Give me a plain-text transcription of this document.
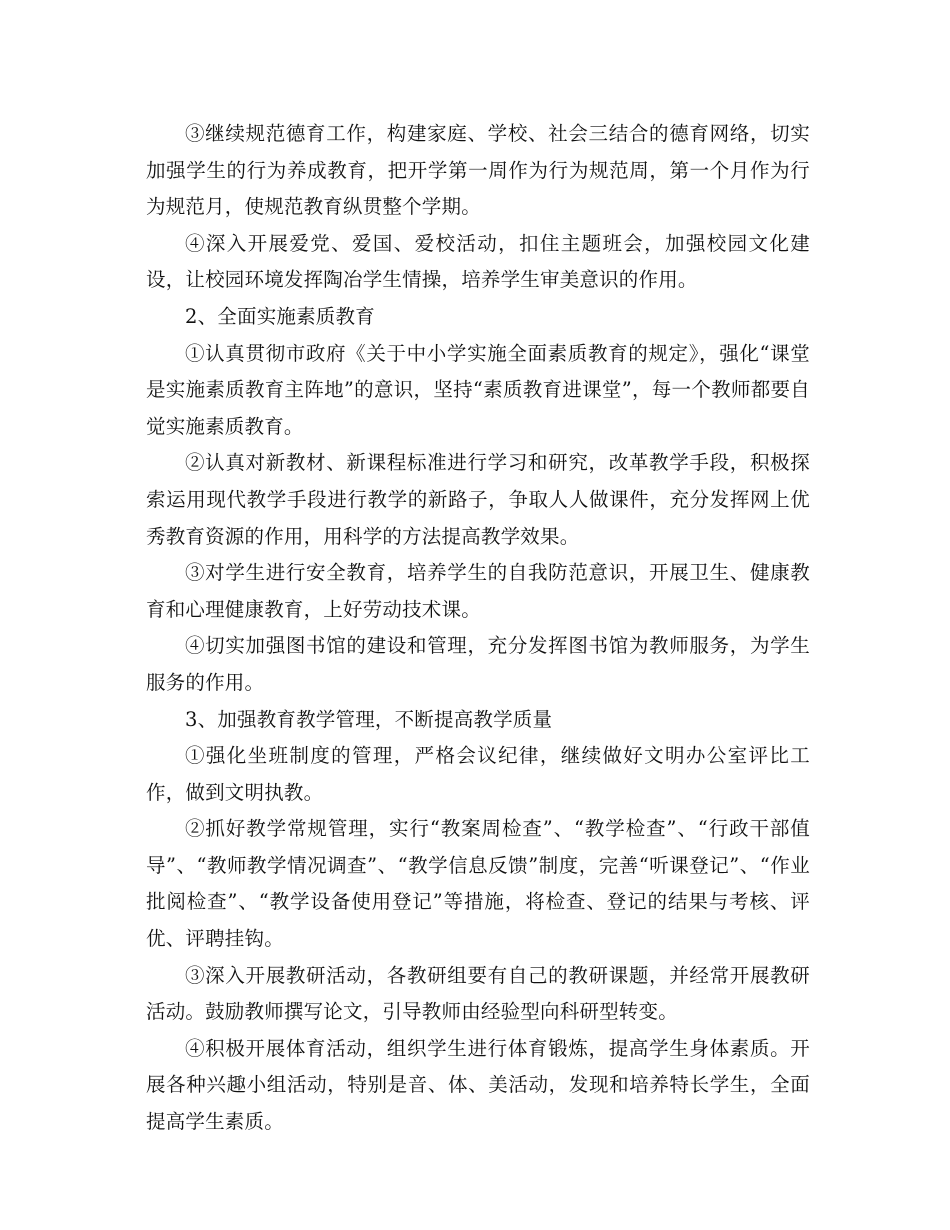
③继续规范德育工作，构建家庭、学校、社会三结合的德育网络，切实加强学生的行为养成教育，把开学第一周作为行为规范周，第一个月作为行为规范月，使规范教育纵贯整个学期。

④深入开展爱党、爱国、爱校活动，扣住主题班会，加强校园文化建设，让校园环境发挥陶冶学生情操，培养学生审美意识的作用。

2、全面实施素质教育

①认真贯彻市政府《关于中小学实施全面素质教育的规定》，强化“课堂是实施素质教育主阵地”的意识，坚持“素质教育进课堂”，每一个教师都要自觉实施素质教育。

②认真对新教材、新课程标准进行学习和研究，改革教学手段，积极探索运用现代教学手段进行教学的新路子，争取人人做课件，充分发挥网上优秀教育资源的作用，用科学的方法提高教学效果。

③对学生进行安全教育，培养学生的自我防范意识，开展卫生、健康教育和心理健康教育，上好劳动技术课。

④切实加强图书馆的建设和管理，充分发挥图书馆为教师服务，为学生服务的作用。

3、加强教育教学管理，不断提高教学质量

①强化坐班制度的管理，严格会议纪律，继续做好文明办公室评比工作，做到文明执教。

②抓好教学常规管理，实行“教案周检查”、“教学检查”、“行政干部值导”、“教师教学情况调查”、“教学信息反馈”制度，完善“听课登记”、“作业批阅检查”、“教学设备使用登记”等措施，将检查、登记的结果与考核、评优、评聘挂钩。

③深入开展教研活动，各教研组要有自己的教研课题，并经常开展教研活动。鼓励教师撰写论文，引导教师由经验型向科研型转变。

④积极开展体育活动，组织学生进行体育锻炼，提高学生身体素质。开展各种兴趣小组活动，特别是音、体、美活动，发现和培养特长学生，全面提高学生素质。
